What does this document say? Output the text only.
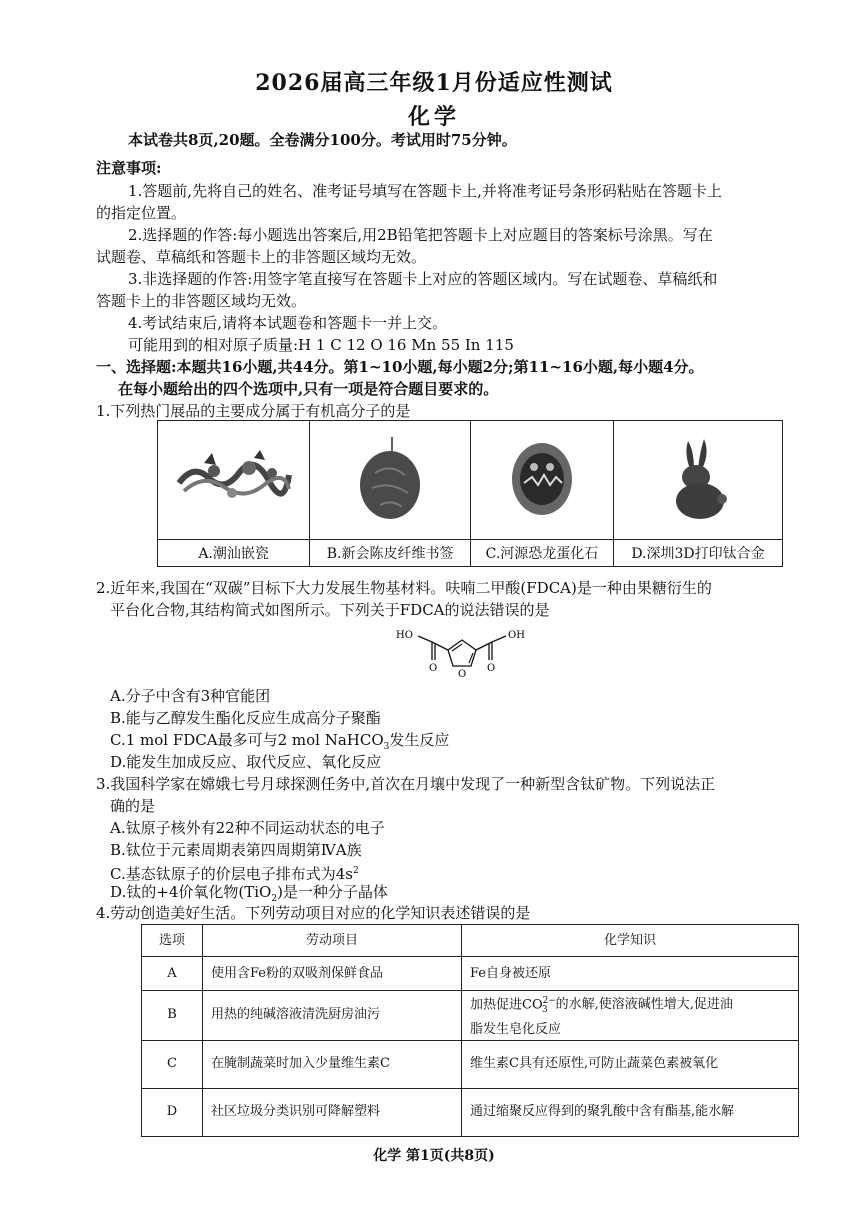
2026届高三年级1月份适应性测试
化学
本试卷共8页,20题。全卷满分100分。考试用时75分钟。
注意事项:
1.答题前,先将自己的姓名、准考证号填写在答题卡上,并将准考证号条形码粘贴在答题卡上
的指定位置。
2.选择题的作答:每小题选出答案后,用2B铅笔把答题卡上对应题目的答案标号涂黑。写在
试题卷、草稿纸和答题卡上的非答题区域均无效。
3.非选择题的作答:用签字笔直接写在答题卡上对应的答题区域内。写在试题卷、草稿纸和
答题卡上的非答题区域均无效。
4.考试结束后,请将本试题卷和答题卡一并上交。
可能用到的相对原子质量:H 1 C 12 O 16 Mn 55 In 115
一、选择题:本题共16小题,共44分。第1~10小题,每小题2分;第11~16小题,每小题4分。
在每小题给出的四个选项中,只有一项是符合题目要求的。
1.下列热门展品的主要成分属于有机高分子的是

A.潮汕嵌瓷	B.新会陈皮纤维书签	C.河源恐龙蛋化石	D.深圳3D打印钛合金
2.近年来,我国在“双碳”目标下大力发展生物基材料。呋喃二甲酸(FDCA)是一种由果糖衍生的
平台化合物,其结构简式如图所示。下列关于FDCA的说法错误的是
HO	OH
O
O	O
A.分子中含有3种官能团
B.能与乙醇发生酯化反应生成高分子聚酯
C.1 mol FDCA最多可与2 mol NaHCO$_3$发生反应
D.能发生加成反应、取代反应、氧化反应
3.我国科学家在嫦娥七号月球探测任务中,首次在月壤中发现了一种新型含钛矿物。下列说法正
确的是
A.钛原子核外有22种不同运动状态的电子
B.钛位于元素周期表第四周期第ⅣA族
C.基态钛原子的价层电子排布式为$4s^2$
D.钛的+4价氧化物(TiO$_2$)是一种分子晶体
4.劳动创造美好生活。下列劳动项目对应的化学知识表述错误的是
选项	劳动项目	化学知识
A	使用含Fe粉的双吸剂保鲜食品	Fe自身被还原
B	用热的纯碱溶液清洗厨房油污	加热促进$CO^{2-}_3$ 的水解,使溶液碱性增大,促进油
脂发生皂化反应
C	在腌制蔬菜时加入少量维生素C	维生素C具有还原性,可防止蔬菜色素被氧化
D	社区垃圾分类识别可降解塑料	通过缩聚反应得到的聚乳酸中含有酯基,能水解
化学 第1页(共8页)
